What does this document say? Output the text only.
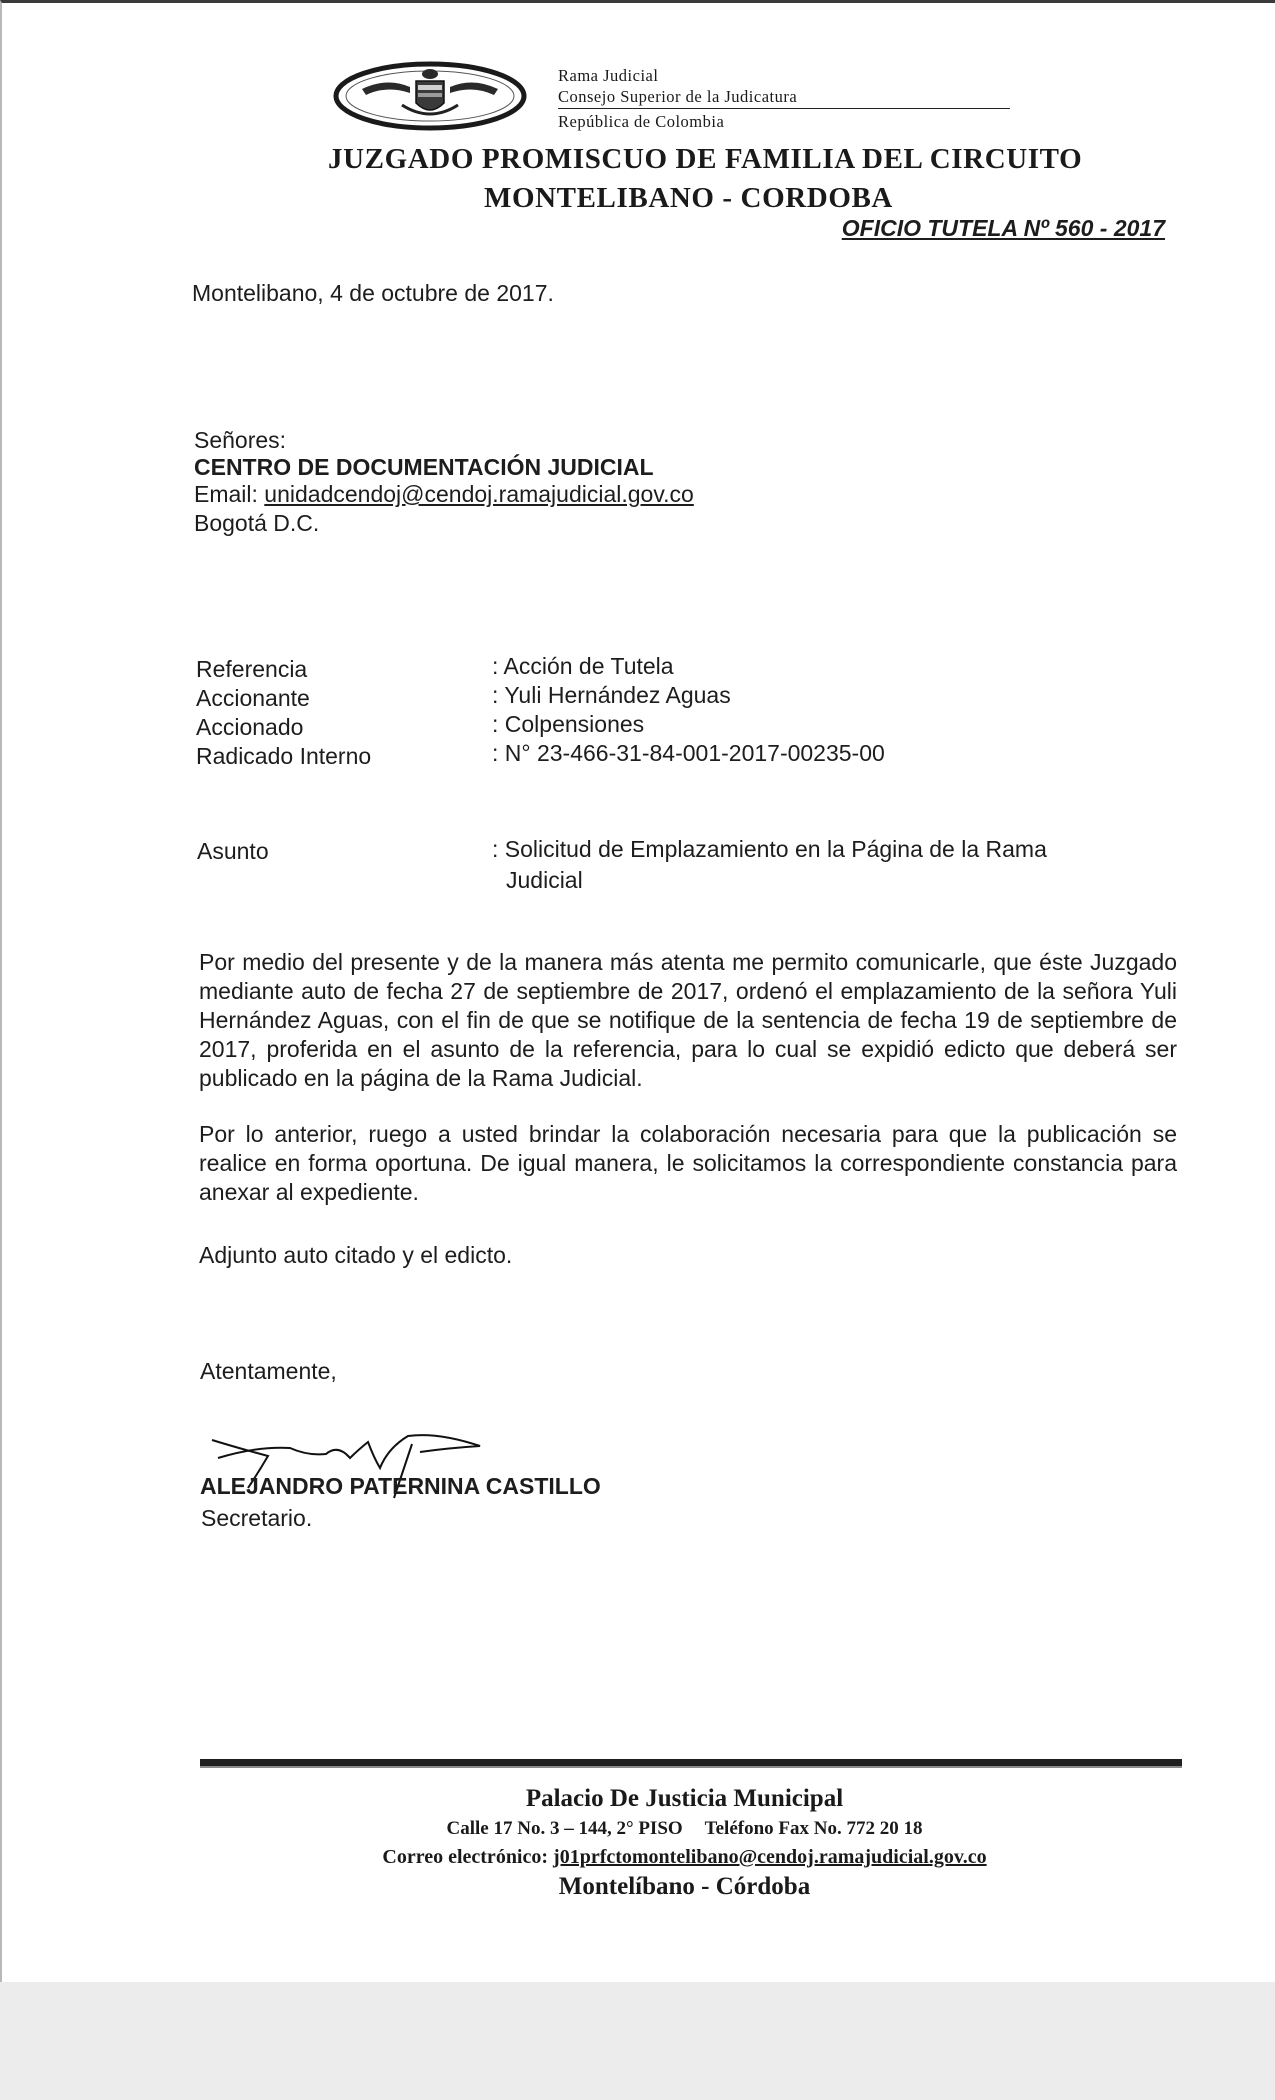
Rama Judicial
Consejo Superior de la Judicatura
República de Colombia
JUZGADO PROMISCUO DE FAMILIA DEL CIRCUITO
MONTELIBANO - CORDOBA
OFICIO TUTELA Nº 560 - 2017
Montelibano, 4 de octubre de 2017.
Señores:
CENTRO DE DOCUMENTACIÓN JUDICIAL
Email: unidadcendoj@cendoj.ramajudicial.gov.co
Bogotá D.C.
Referencia
Accionante
Accionado
Radicado Interno
: Acción de Tutela
: Yuli Hernández Aguas
: Colpensiones
: N° 23-466-31-84-001-2017-00235-00
Asunto	: Solicitud de Emplazamiento en la Página de la Rama Judicial
Por medio del presente y de la manera más atenta me permito comunicarle, que éste Juzgado mediante auto de fecha 27 de septiembre de 2017, ordenó el emplazamiento de la señora Yuli Hernández Aguas, con el fin de que se notifique de la sentencia de fecha 19 de septiembre de 2017, proferida en el asunto de la referencia, para lo cual se expidió edicto que deberá ser publicado en la página de la Rama Judicial.
Por lo anterior, ruego a usted brindar la colaboración necesaria para que la publicación se realice en forma oportuna. De igual manera, le solicitamos la correspondiente constancia para anexar al expediente.
Adjunto auto citado y el edicto.
Atentamente,
ALEJANDRO PATERNINA CASTILLO
Secretario.
Palacio De Justicia Municipal
Calle 17 No. 3 – 144, 2° PISO Teléfono Fax No. 772 20 18
Correo electrónico: j01prfctomontelibano@cendoj.ramajudicial.gov.co
Montelíbano - Córdoba
